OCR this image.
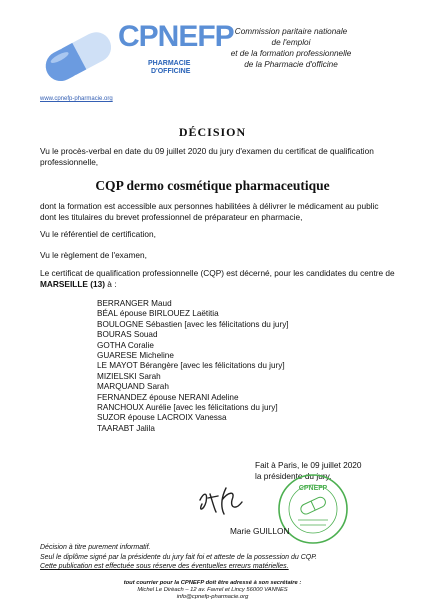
CPNEFP
PHARMACIE
D'OFFICINE
www.cpnefp-pharmacie.org
Commission paritaire nationale
de l'emploi
et de la formation professionnelle
de la Pharmacie d'officine
DÉCISION
Vu le procès-verbal en date du 09 juillet 2020 du jury d'examen du certificat de qualification professionnelle,
CQP dermo cosmétique pharmaceutique
dont la formation est accessible aux personnes habilitées à délivrer le médicament au public dont les titulaires du brevet professionnel de préparateur en pharmacie,
Vu le référentiel de certification,
Vu le règlement de l'examen,
Le certificat de qualification professionnelle (CQP) est décerné, pour les candidates du centre de MARSEILLE (13) à :
BERRANGER Maud
BÉAL épouse BIRLOUEZ Laëtitia
BOULOGNE Sébastien [avec les félicitations du jury]
BOURAS Souad
GOTHA Coralie
GUARESE Micheline
LE MAYOT Bérangère [avec les félicitations du jury]
MIZIELSKI Sarah
MARQUAND Sarah
FERNANDEZ épouse NERANI Adeline
RANCHOUX Aurélie [avec les félicitations du jury]
SUZOR épouse LACROIX Vanessa
TAARABT Jalila
Fait à Paris, le 09 juillet 2020
la présidente du jury,
CPNEFP
Marie GUILLON
Décision à titre purement informatif.
Seul le diplôme signé par la présidente du jury fait foi et atteste de la possession du CQP.
Cette publication est effectuée sous réserve des éventuelles erreurs matérielles.
tout courrier pour la CPNEFP doit être adressé à son secrétaire :
Michel Le Dirèach – 12 av. Favrel et Lincy 56000 VANNES
info@cpnefp-pharmacie.org
